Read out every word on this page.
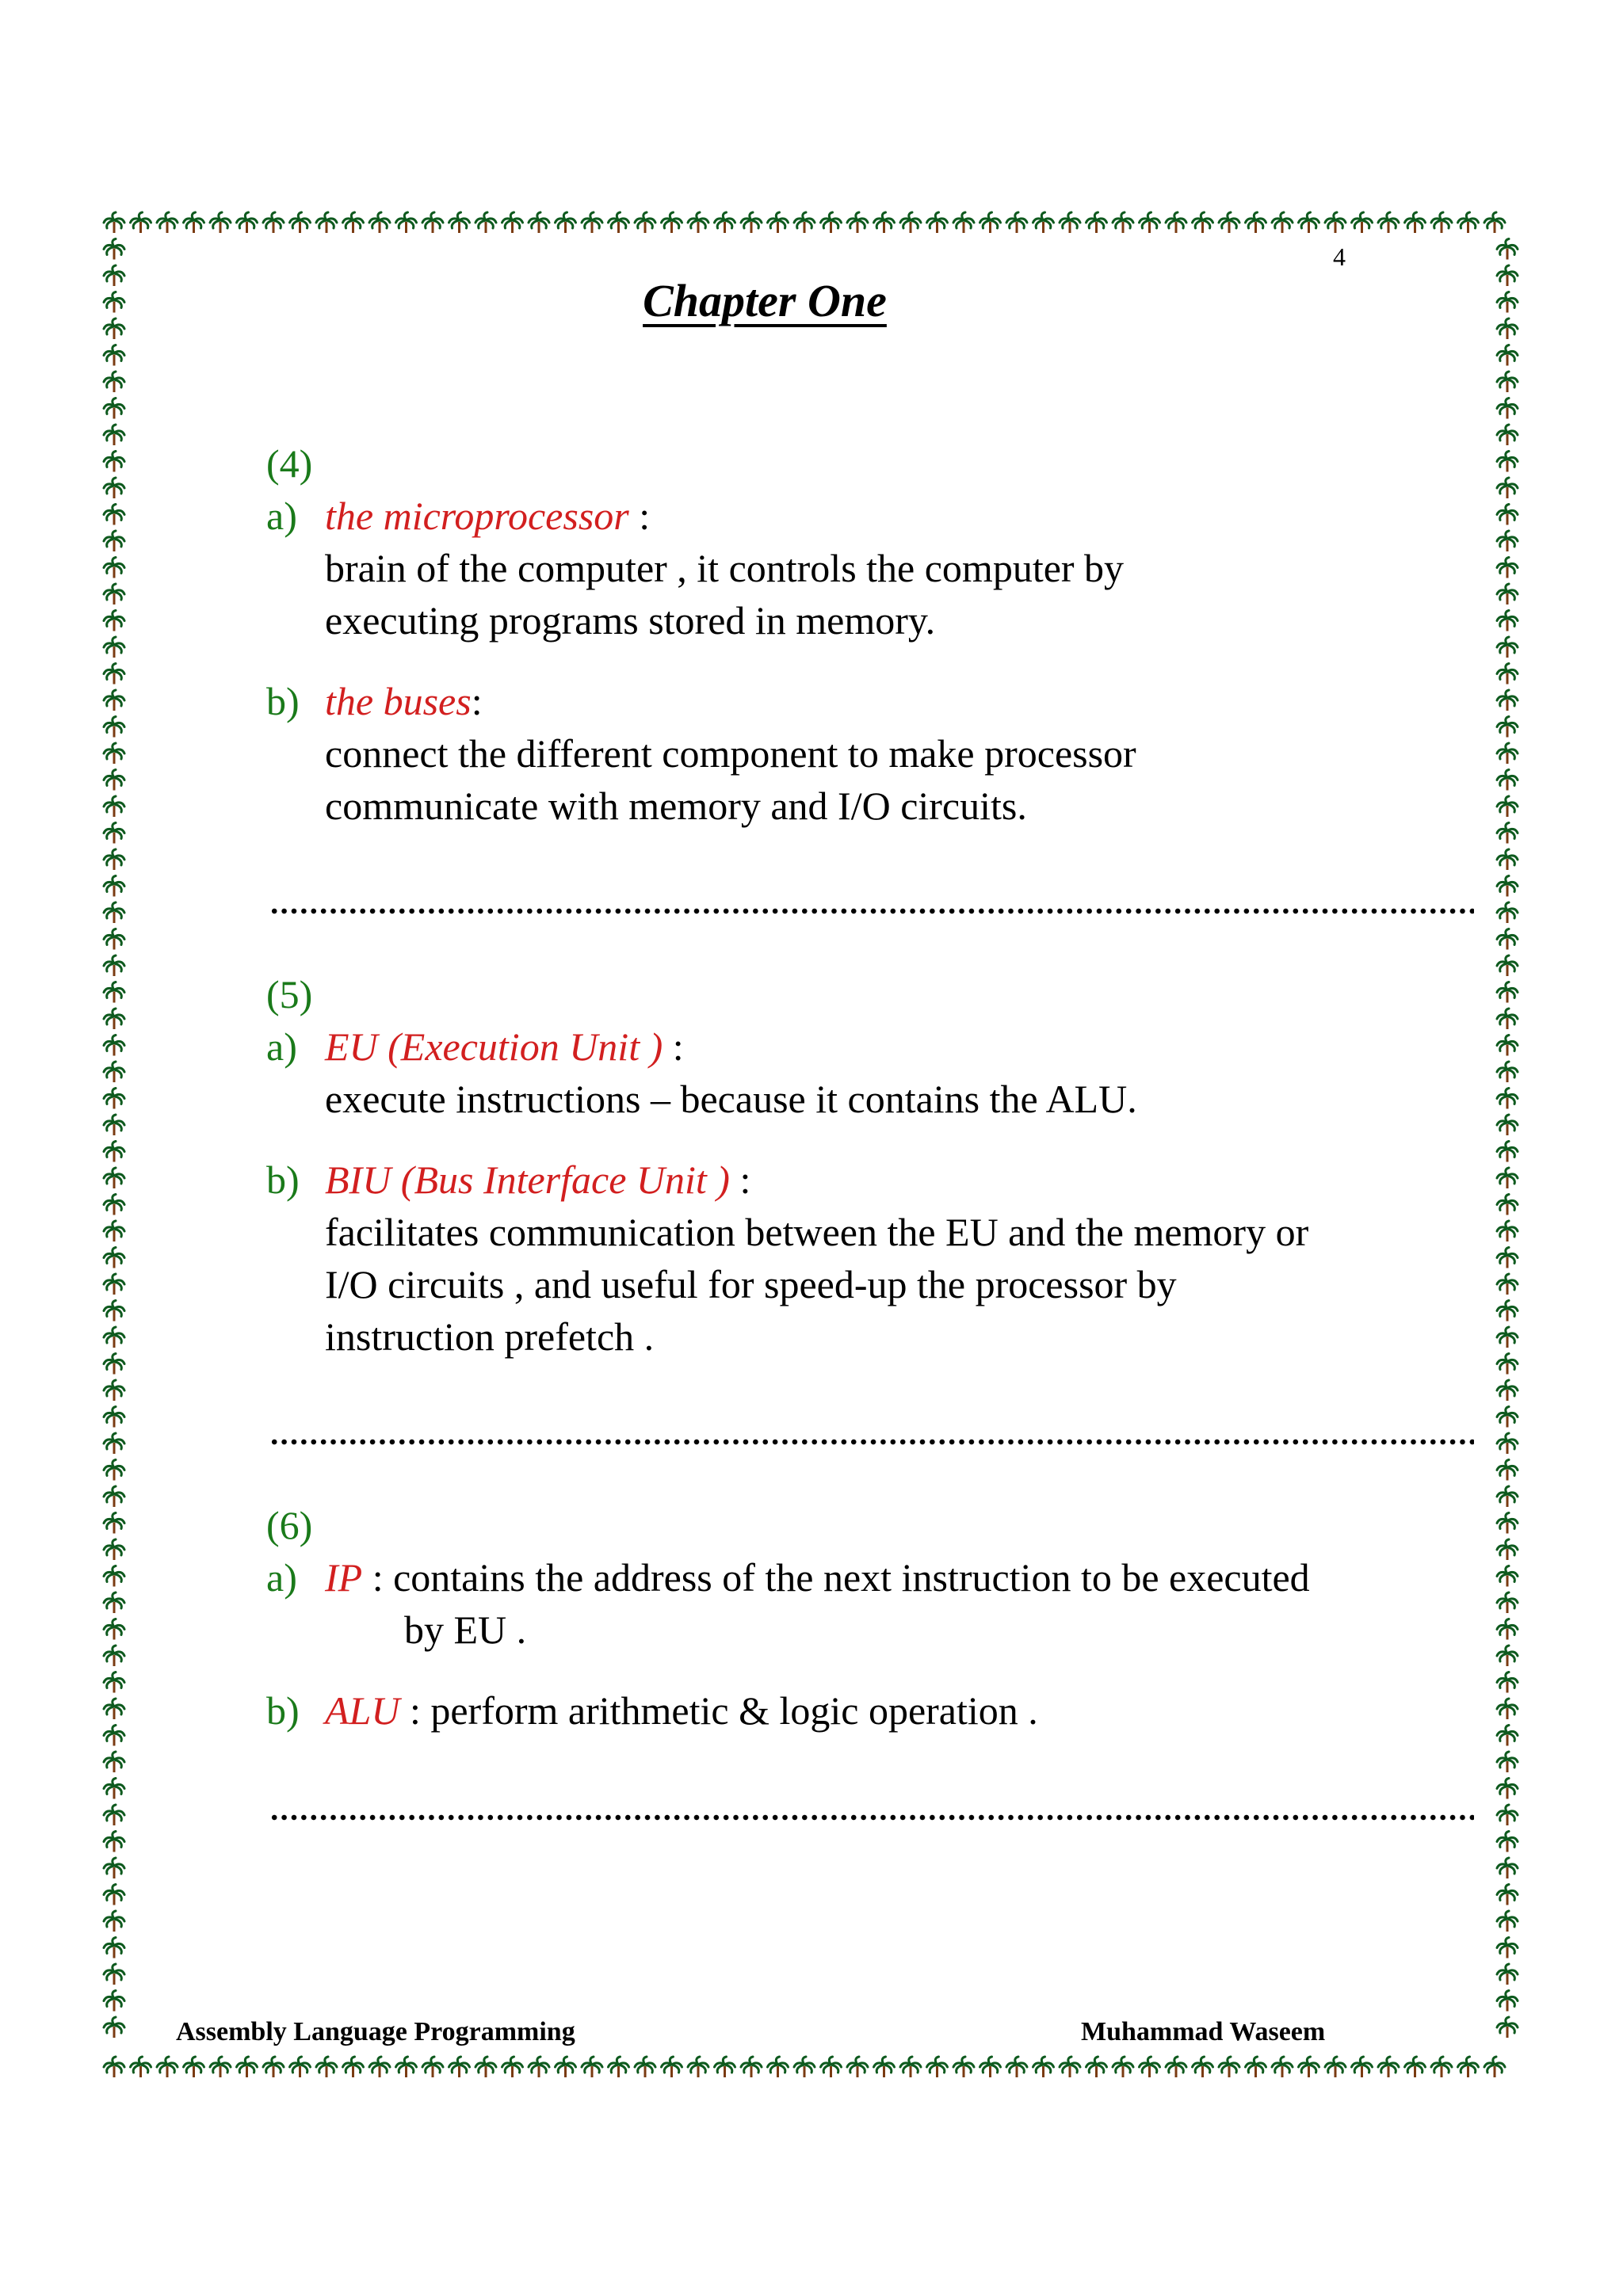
4
Chapter One
(4)
a) the microprocessor :
brain of the computer , it controls the computer by
executing programs stored in memory.
b) the buses:
connect the different component to make processor
communicate with memory and I/O circuits.
(5)
a) EU (Execution Unit ) :
execute instructions – because it contains the ALU.
b) BIU (Bus Interface Unit ) :
facilitates communication between the EU and the memory or
I/O circuits , and useful for speed-up the processor by
instruction prefetch .
(6)
a) IP : contains the address of the next instruction to be executed
by EU .
b) ALU : perform arithmetic & logic operation .
Assembly Language Programming	Muhammad Waseem
